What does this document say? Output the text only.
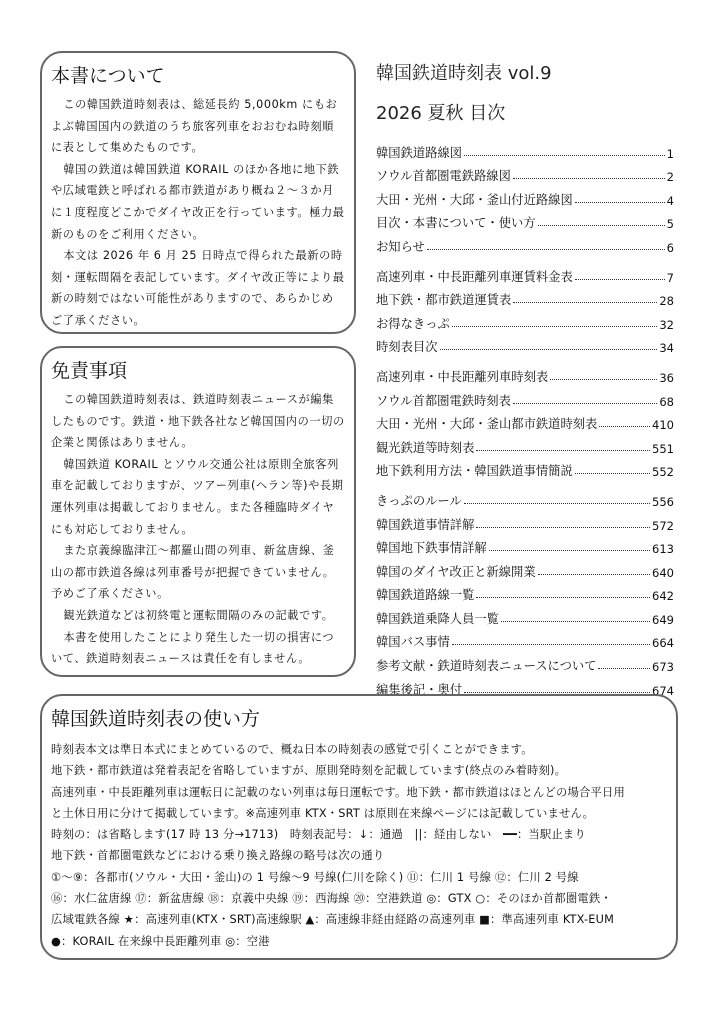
本書について

この韓国鉄道時刻表は、総延長約 5,000km にもおよぶ韓国国内の鉄道のうち旅客列車をおおむね時刻順に表として集めたものです。

韓国の鉄道は韓国鉄道 KORAIL のほか各地に地下鉄や広域電鉄と呼ばれる都市鉄道があり概ね２～３か月に１度程度どこかでダイヤ改正を行っています。極力最新のものをご利用ください。

本文は 2026 年 6 月 25 日時点で得られた最新の時刻・運転間隔を表記しています。ダイヤ改正等により最新の時刻ではない可能性がありますので、あらかじめご了承ください。

免責事項

この韓国鉄道時刻表は、鉄道時刻表ニュースが編集したものです。鉄道・地下鉄各社など韓国国内の一切の企業と関係はありません。

韓国鉄道 KORAIL とソウル交通公社は原則全旅客列車を記載しておりますが、ツアー列車(ヘラン等)や長期運休列車は掲載しておりません。また各種臨時ダイヤにも対応しておりません。

また京義線臨津江～都羅山間の列車、新盆唐線、釜山の都市鉄道各線は列車番号が把握できていません。予めご了承ください。

観光鉄道などは初終電と運転間隔のみの記載です。

本書を使用したことにより発生した一切の損害について、鉄道時刻表ニュースは責任を有しません。

韓国鉄道時刻表 vol.9
2026 夏秋 目次
韓国鉄道路線図	1
ソウル首都圏電鉄路線図	2
大田・光州・大邱・釜山付近路線図	4
目次・本書について・使い方	5
お知らせ	6
高速列車・中長距離列車運賃料金表	7
地下鉄・都市鉄道運賃表	28
お得なきっぷ	32
時刻表目次	34
高速列車・中長距離列車時刻表	36
ソウル首都圏電鉄時刻表	68
大田・光州・大邱・釜山都市鉄道時刻表	410
観光鉄道等時刻表	551
地下鉄利用方法・韓国鉄道事情簡説	552
きっぷのルール	556
韓国鉄道事情詳解	572
韓国地下鉄事情詳解	613
韓国のダイヤ改正と新線開業	640
韓国鉄道路線一覧	642
韓国鉄道乗降人員一覧	649
韓国バス事情	664
参考文献・鉄道時刻表ニュースについて	673
編集後記・奥付	674
韓国鉄道時刻表の使い方
時刻表本文は準日本式にまとめているので、概ね日本の時刻表の感覚で引くことができます。
地下鉄・都市鉄道は発着表記を省略していますが、原則発時刻を記載しています(終点のみ着時刻)。
高速列車・中長距離列車は運転日に記載のない列車は毎日運転です。地下鉄・都市鉄道はほとんどの場合平日用
と土休日用に分けて掲載しています。※高速列車 KTX・SRT は原則在来線ページには記載していません。
時刻の：は省略します(17 時 13 分→1713)　時刻表記号：↓：通過　||：経由しない　━━：当駅止まり
地下鉄・首都圏電鉄などにおける乗り換え路線の略号は次の通り
①～⑨：各都市(ソウル・大田・釜山)の 1 号線～9 号線(仁川を除く) ⑪：仁川 1 号線 ⑫：仁川 2 号線
⑯：水仁盆唐線 ⑰：新盆唐線 ⑱：京義中央線 ⑲：西海線 ⑳：空港鉄道 ◎：GTX ○：そのほか首都圏電鉄・
広域電鉄各線 ★：高速列車(KTX・SRT)高速線駅 ▲：高速線非経由経路の高速列車 ■：準高速列車 KTX-EUM
●：KORAIL 在来線中長距離列車 ◎：空港
